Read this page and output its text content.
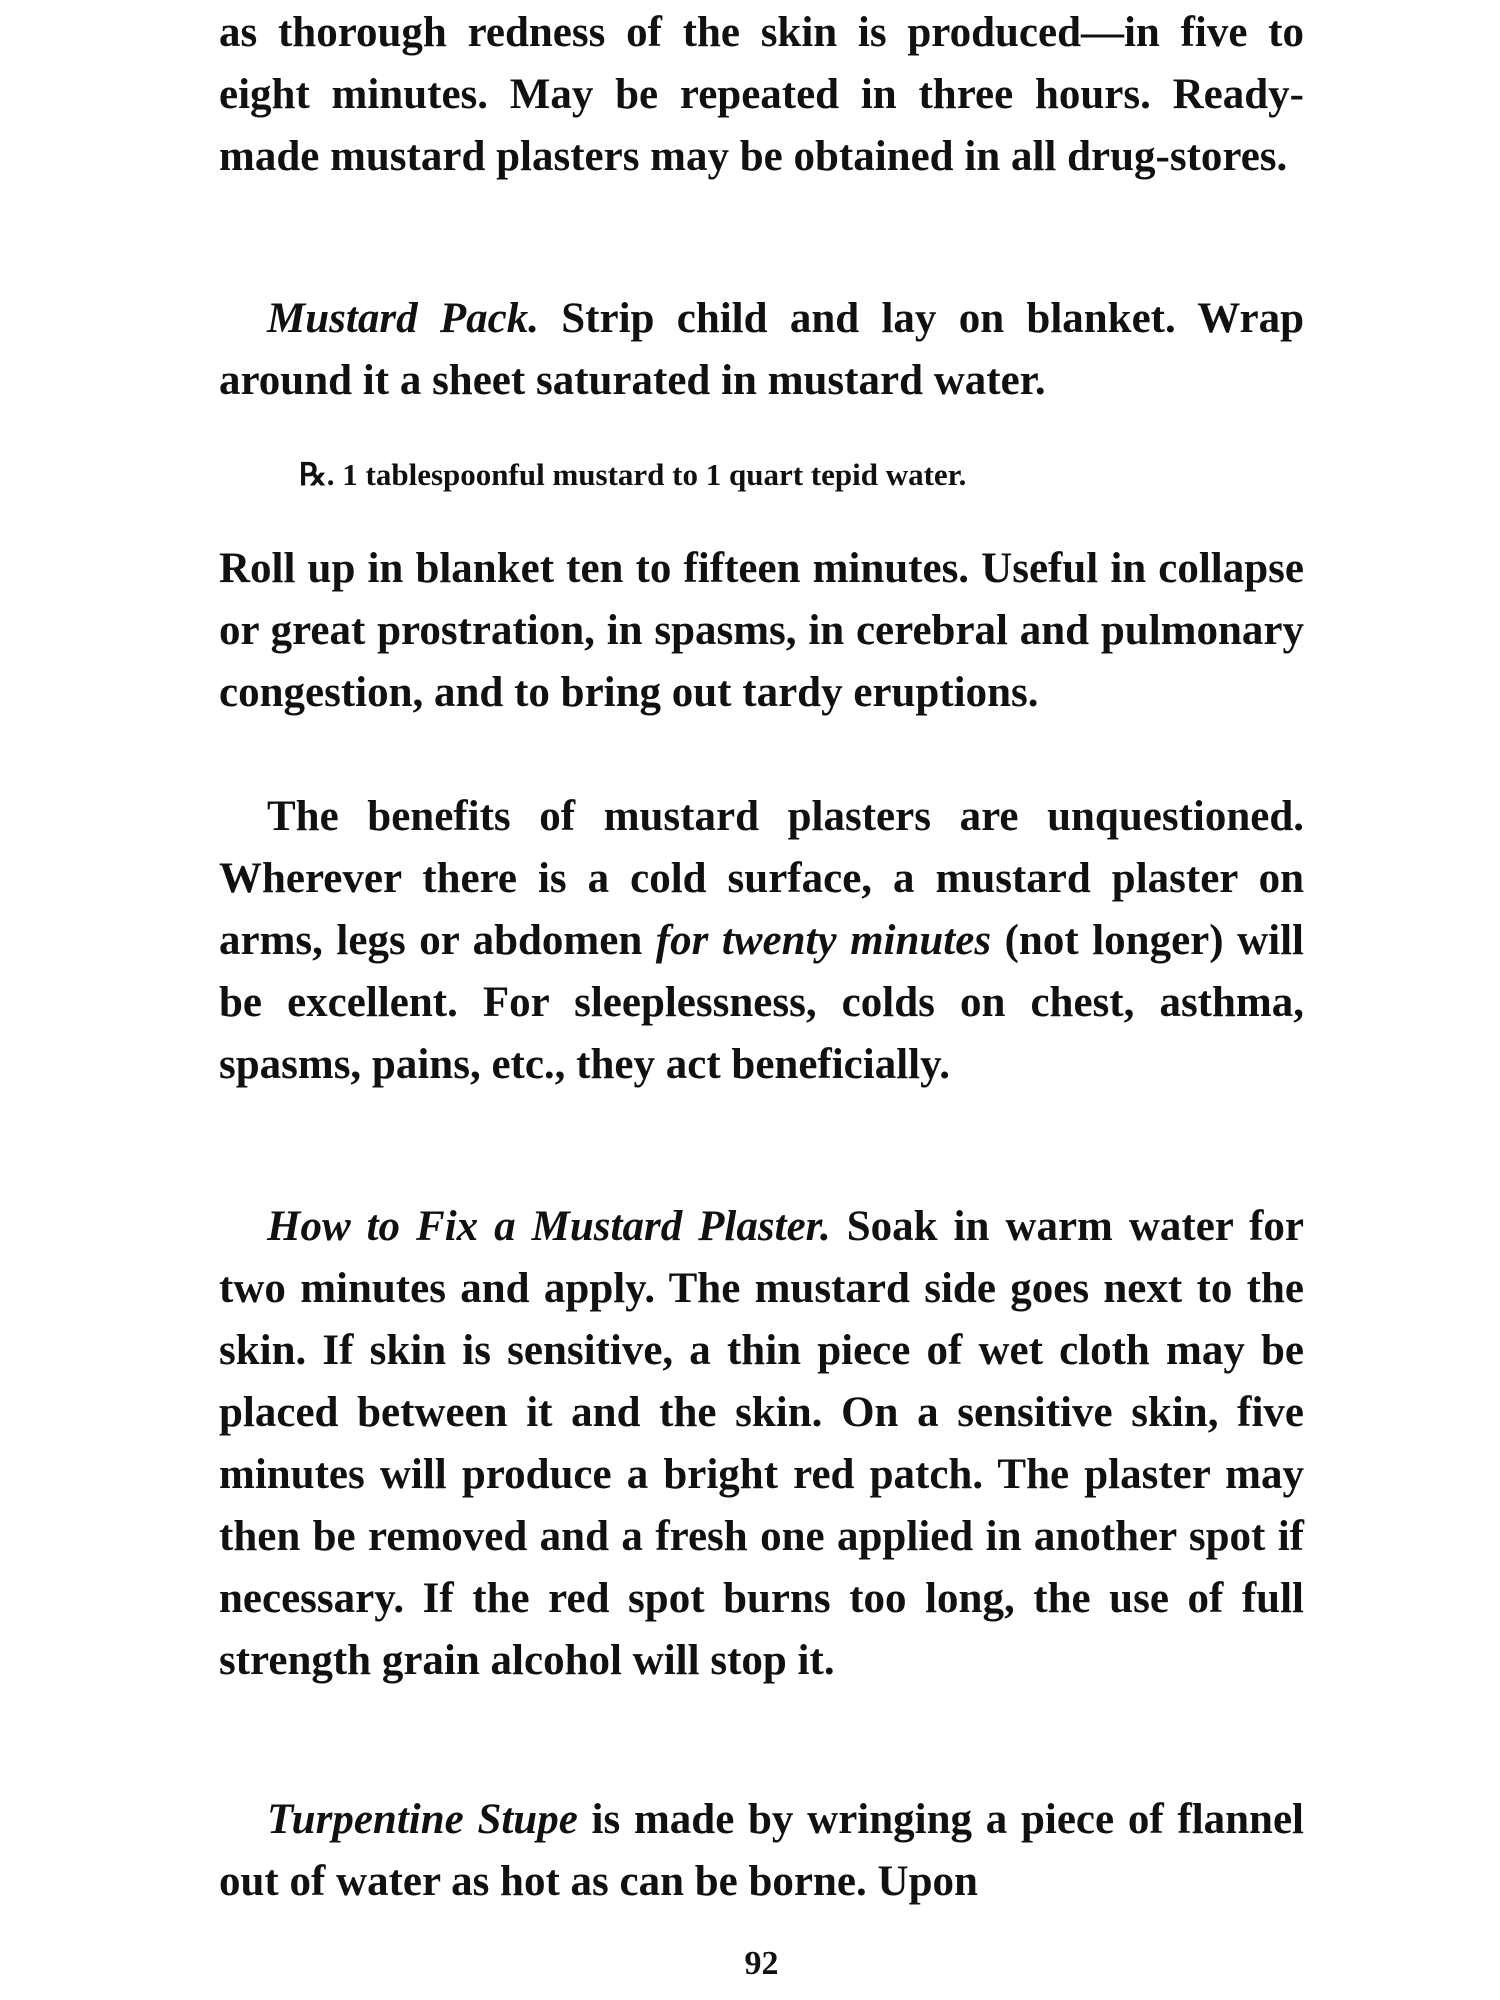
as thorough redness of the skin is produced—in five to eight minutes. May be repeated in three hours. Ready-made mustard plasters may be obtained in all drug-stores.

Mustard Pack. Strip child and lay on blanket. Wrap around it a sheet saturated in mustard water.

℞. 1 tablespoonful mustard to 1 quart tepid water.

Roll up in blanket ten to fifteen minutes. Useful in collapse or great prostration, in spasms, in cerebral and pulmonary congestion, and to bring out tardy eruptions.

The benefits of mustard plasters are unquestioned. Wherever there is a cold surface, a mustard plaster on arms, legs or abdomen for twenty minutes (not longer) will be excellent. For sleeplessness, colds on chest, asthma, spasms, pains, etc., they act beneficially.

How to Fix a Mustard Plaster. Soak in warm water for two minutes and apply. The mustard side goes next to the skin. If skin is sensitive, a thin piece of wet cloth may be placed between it and the skin. On a sensitive skin, five minutes will produce a bright red patch. The plaster may then be removed and a fresh one applied in another spot if necessary. If the red spot burns too long, the use of full strength grain alcohol will stop it.

Turpentine Stupe is made by wringing a piece of flannel out of water as hot as can be borne. Upon

92
